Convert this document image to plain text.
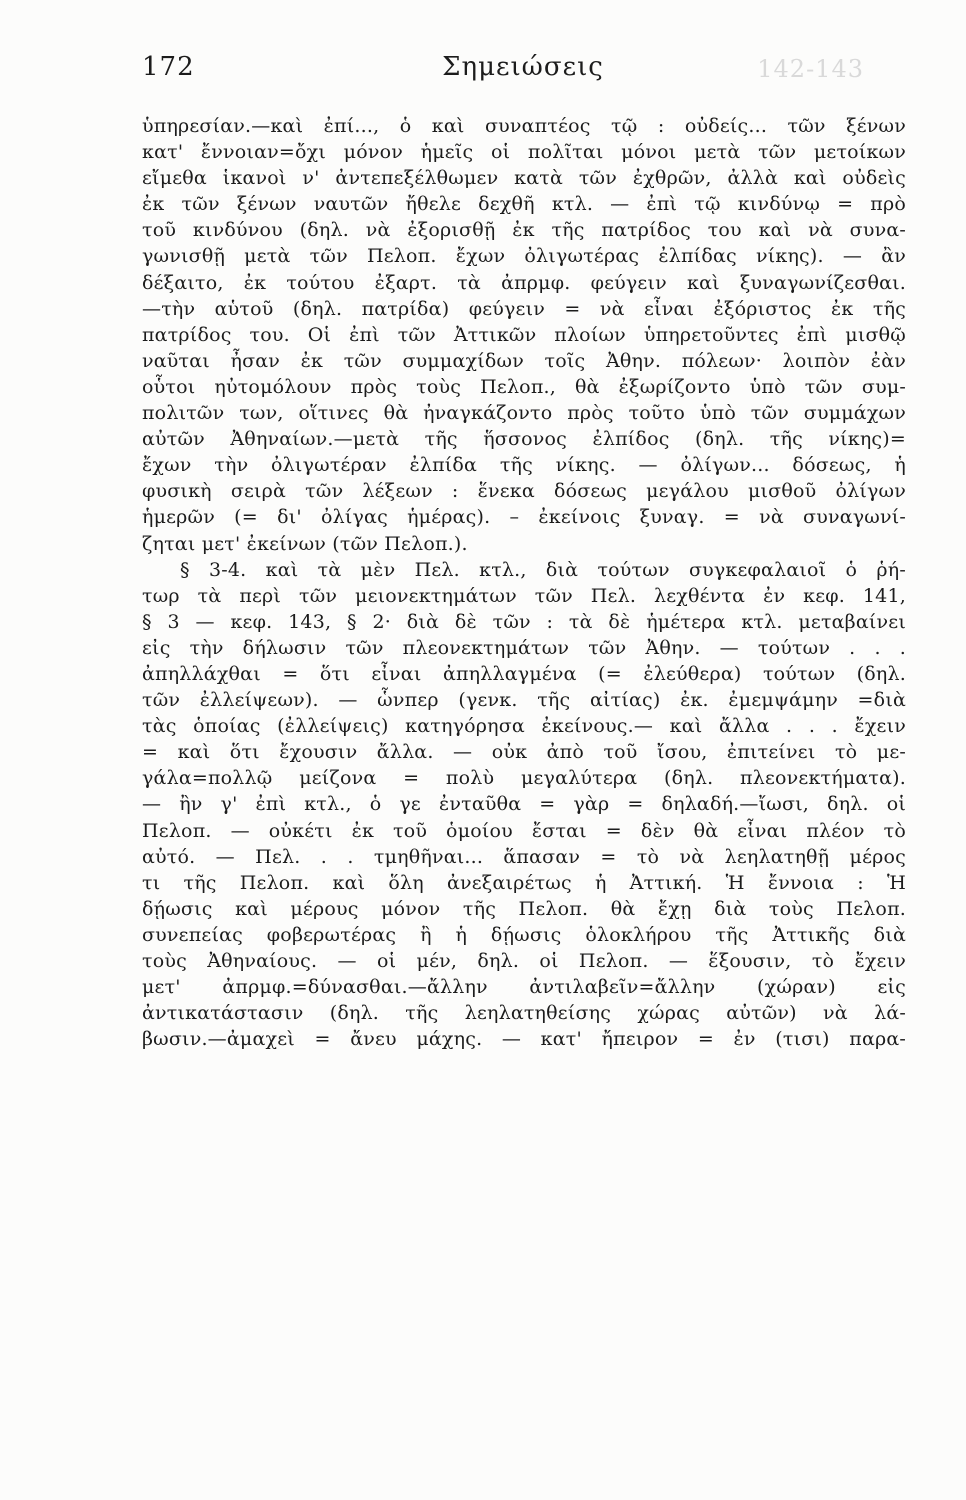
172	Σημειώσεις	142-143
ὑπηρεσίαν.—καὶ ἐπί..., ὁ καὶ συναπτέος τῷ : οὐδείς... τῶν ξένων
κατ' ἔννοιαν=ὄχι μόνον ἡμεῖς οἱ πολῖται μόνοι μετὰ τῶν μετοίκων
εἴμεθα ἱκανοὶ ν' ἀντεπεξέλθωμεν κατὰ τῶν ἐχθρῶν, ἀλλὰ καὶ οὐδεὶς
ἐκ τῶν ξένων ναυτῶν ἤθελε δεχθῆ κτλ. — ἐπὶ τῷ κινδύνῳ = πρὸ
τοῦ κινδύνου (δηλ. νὰ ἐξορισθῇ ἐκ τῆς πατρίδος του καὶ νὰ συνα-
γωνισθῇ μετὰ τῶν Πελοπ. ἔχων ὀλιγωτέρας ἐλπίδας νίκης). — ἂν
δέξαιτο, ἐκ τούτου ἐξαρτ. τὰ ἀπρμφ. φεύγειν καὶ ξυναγωνίζεσθαι.
—τὴν αὑτοῦ (δηλ. πατρίδα) φεύγειν = νὰ εἶναι ἐξόριστος ἐκ τῆς
πατρίδος του. Οἱ ἐπὶ τῶν Ἀττικῶν πλοίων ὑπηρετοῦντες ἐπὶ μισθῷ
ναῦται ἦσαν ἐκ τῶν συμμαχίδων τοῖς Ἀθην. πόλεων· λοιπὸν ἐὰν
οὗτοι ηὐτομόλουν πρὸς τοὺς Πελοπ., θὰ ἐξωρίζοντο ὑπὸ τῶν συμ-
πολιτῶν των, οἵτινες θὰ ἠναγκάζοντο πρὸς τοῦτο ὑπὸ τῶν συμμάχων
αὐτῶν Ἀθηναίων.—μετὰ τῆς ἥσσονος ἐλπίδος (δηλ. τῆς νίκης)=
ἔχων τὴν ὀλιγωτέραν ἐλπίδα τῆς νίκης. — ὀλίγων... δόσεως, ἡ
φυσικὴ σειρὰ τῶν λέξεων : ἕνεκα δόσεως μεγάλου μισθοῦ ὀλίγων
ἡμερῶν (= δι' ὀλίγας ἡμέρας). – ἐκείνοις ξυναγ. = νὰ συναγωνί-
ζηται μετ' ἐκείνων (τῶν Πελοπ.).
§ 3-4. καὶ τὰ μὲν Πελ. κτλ., διὰ τούτων συγκεφαλαιοῖ ὁ ῥή-
τωρ τὰ περὶ τῶν μειονεκτημάτων τῶν Πελ. λεχθέντα ἐν κεφ. 141,
§ 3 — κεφ. 143, § 2· διὰ δὲ τῶν : τὰ δὲ ἡμέτερα κτλ. μεταβαίνει
εἰς τὴν δήλωσιν τῶν πλεονεκτημάτων τῶν Ἀθην. — τούτων . . .
ἀπηλλάχθαι = ὅτι εἶναι ἀπηλλαγμένα (= ἐλεύθερα) τούτων (δηλ.
τῶν ἐλλείψεων). — ὧνπερ (γενκ. τῆς αἰτίας) ἐκ. ἐμεμψάμην =διὰ
τὰς ὁποίας (ἐλλείψεις) κατηγόρησα ἐκείνους.— καὶ ἄλλα . . . ἔχειν
= καὶ ὅτι ἔχουσιν ἄλλα. — οὐκ ἀπὸ τοῦ ἴσου, ἐπιτείνει τὸ με-
γάλα=πολλῷ μείζονα = πολὺ μεγαλύτερα (δηλ. πλεονεκτήματα).
— ἢν γ' ἐπὶ κτλ., ὁ γε ἐνταῦθα = γὰρ = δηλαδή.—ἴωσι, δηλ. οἱ
Πελοπ. — οὐκέτι ἐκ τοῦ ὁμοίου ἔσται = δὲν θὰ εἶναι πλέον τὸ
αὐτό. — Πελ. . . τμηθῆναι... ἅπασαν = τὸ νὰ λεηλατηθῇ μέρος
τι τῆς Πελοπ. καὶ ὅλη ἀνεξαιρέτως ἡ Ἀττική. Ἡ ἔννοια : Ἡ
δῄωσις καὶ μέρους μόνον τῆς Πελοπ. θὰ ἔχῃ διὰ τοὺς Πελοπ.
συνεπείας φοβερωτέρας ἢ ἡ δῄωσις ὁλοκλήρου τῆς Ἀττικῆς διὰ
τοὺς Ἀθηναίους. — οἱ μέν, δηλ. οἱ Πελοπ. — ἕξουσιν, τὸ ἔχειν
μετ' ἀπρμφ.=δύνασθαι.—ἄλλην ἀντιλαβεῖν=ἄλλην (χώραν) εἰς
ἀντικατάστασιν (δηλ. τῆς λεηλατηθείσης χώρας αὐτῶν) νὰ λά-
βωσιν.—ἀμαχεὶ = ἄνευ μάχης. — κατ' ἤπειρον = ἐν (τισι) παρα-
